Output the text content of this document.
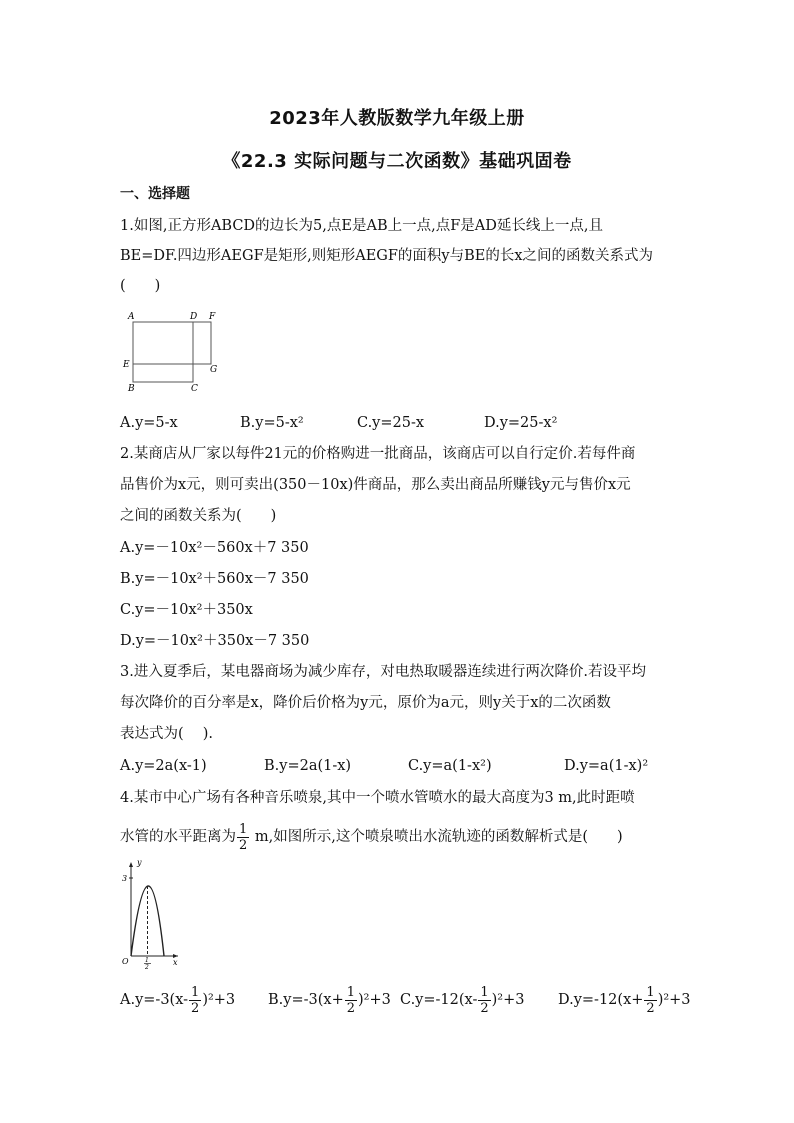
2023年人教版数学九年级上册
《22.3 实际问题与二次函数》基础巩固卷
一、选择题
1.如图,正方形ABCD的边长为5,点E是AB上一点,点F是AD延长线上一点,且
BE=DF.四边形AEGF是矩形,则矩形AEGF的面积y与BE的长x之间的函数关系式为
(　　)
A	D F
E	G
B	C
A.y=5-x	B.y=5-x²	C.y=25-x	D.y=25-x²
2.某商店从厂家以每件21元的价格购进一批商品，该商店可以自行定价.若每件商
品售价为x元，则可卖出(350－10x)件商品，那么卖出商品所赚钱y元与售价x元
之间的函数关系为(　　)
A.y=－10x²－560x＋7 350
B.y=－10x²＋560x－7 350
C.y=－10x²＋350x
D.y=－10x²＋350x－7 350
3.进入夏季后，某电器商场为减少库存，对电热取暖器连续进行两次降价.若设平均
每次降价的百分率是x，降价后价格为y元，原价为a元，则y关于x的二次函数
表达式为(　 ).
A.y=2a(x-1)	B.y=2a(1-x)	C.y=a(1-x²)	D.y=a(1-x)²
4.某市中心广场有各种音乐喷泉,其中一个喷水管喷水的最大高度为3 m,此时距喷
水管的水平距离为 $\frac{1}{2} m$,如图所示,这个喷泉喷出水流轨迹的函数解析式是(　　)
y
3
O	x
1
2
$A.y=-3(x- \frac{1}{2} )^2+3$ $B.y=-3(x+ \frac{1}{2} )^2+3$ $C.y=-12(x- \frac{1}{2} )^2+3$ $D.y=-12(x+ \frac{1}{2} )^2+3$
